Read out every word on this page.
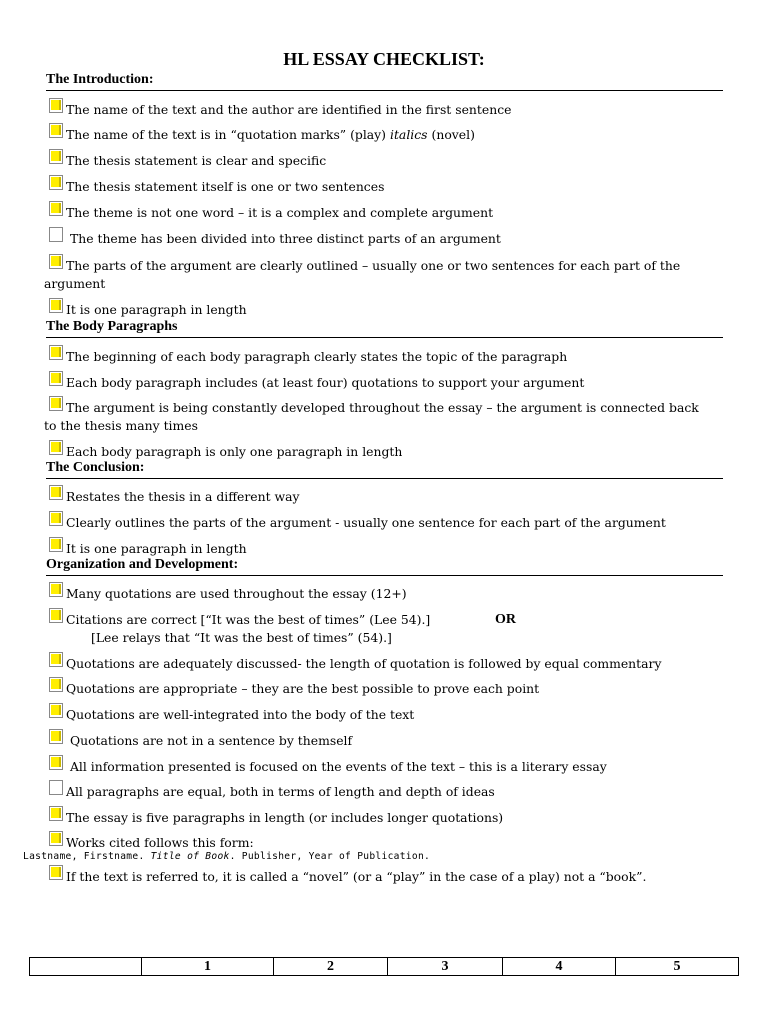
HL ESSAY CHECKLIST:
The Introduction:
The name of the text and the author are identified in the first sentence
The name of the text is in “quotation marks” (play) italics (novel)
The thesis statement is clear and specific
The thesis statement itself is one or two sentences
The theme is not one word – it is a complex and complete argument
The theme has been divided into three distinct parts of an argument
The parts of the argument are clearly outlined – usually one or two sentences for each part of the
argument
It is one paragraph in length
The Body Paragraphs
The beginning of each body paragraph clearly states the topic of the paragraph
Each body paragraph includes (at least four) quotations to support your argument
The argument is being constantly developed throughout the essay – the argument is connected back
to the thesis many times
Each body paragraph is only one paragraph in length
The Conclusion:
Restates the thesis in a different way
Clearly outlines the parts of the argument - usually one sentence for each part of the argument
It is one paragraph in length
Organization and Development:
Many quotations are used throughout the essay (12+)
Citations are correct [“It was the best of times” (Lee 54).]	OR
[Lee relays that “It was the best of times” (54).]
Quotations are adequately discussed- the length of quotation is followed by equal commentary
Quotations are appropriate – they are the best possible to prove each point
Quotations are well-integrated into the body of the text
Quotations are not in a sentence by themself
All information presented is focused on the events of the text – this is a literary essay
All paragraphs are equal, both in terms of length and depth of ideas
The essay is five paragraphs in length (or includes longer quotations)
Works cited follows this form:
Lastname, Firstname. Title of Book. Publisher, Year of Publication.
If the text is referred to, it is called a “novel” (or a “play” in the case of a play) not a “book”.
	1	2	3	4	5
